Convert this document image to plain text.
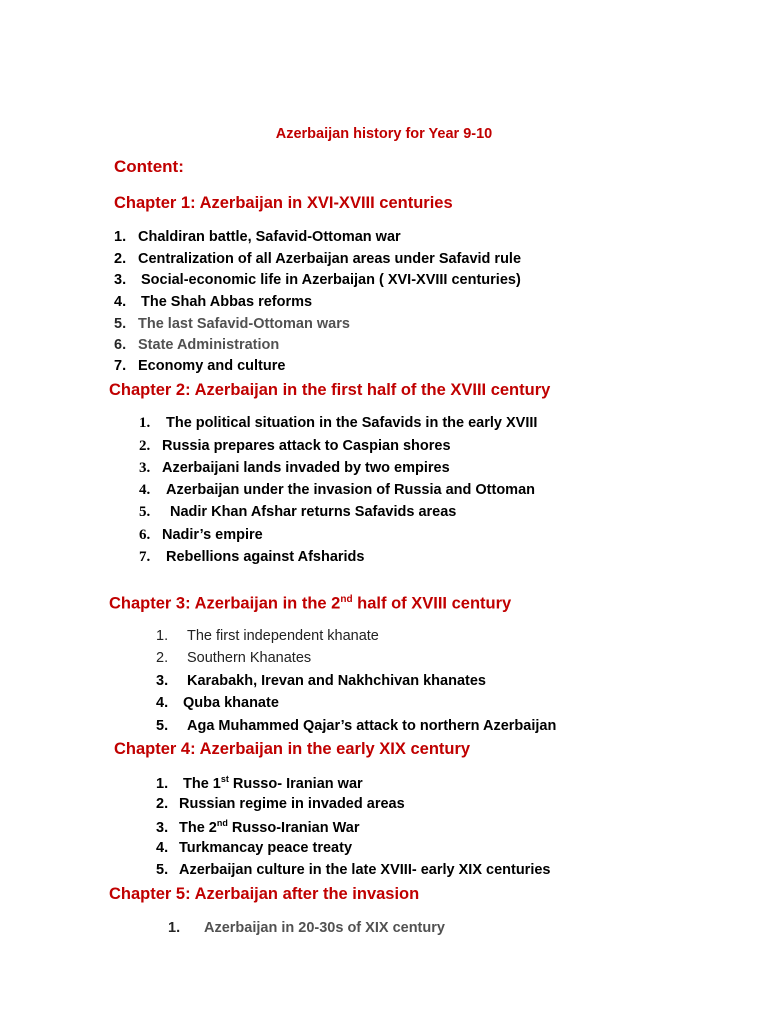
Azerbaijan history for Year 9-10
Content:
Chapter 1: Azerbaijan in XVI-XVIII centuries
1. Chaldiran battle, Safavid-Ottoman war
2. Centralization of all Azerbaijan areas under Safavid rule
3. Social-economic life in Azerbaijan ( XVI-XVIII centuries)
4. The Shah Abbas reforms
5. The last Safavid-Ottoman wars
6. State Administration
7. Economy and culture
Chapter 2: Azerbaijan in the first half of the XVIII century
1. The political situation in the Safavids in the early XVIII
2. Russia prepares attack to Caspian shores
3. Azerbaijani lands invaded by two empires
4. Azerbaijan under the invasion of Russia and Ottoman
5. Nadir Khan Afshar returns Safavids areas
6. Nadir’s empire
7. Rebellions against Afsharids
Chapter 3: Azerbaijan in the 2nd half of XVIII century
1. The first independent khanate
2. Southern Khanates
3. Karabakh, Irevan and Nakhchivan khanates
4. Quba khanate
5. Aga Muhammed Qajar’s attack to northern Azerbaijan
Chapter 4: Azerbaijan in the early XIX century
1. The 1st Russo- Iranian war
2. Russian regime in invaded areas
3. The 2nd Russo-Iranian War
4. Turkmancay peace treaty
5. Azerbaijan culture in the late XVIII- early XIX centuries
Chapter 5: Azerbaijan after the invasion
1. Azerbaijan in 20-30s of XIX century
